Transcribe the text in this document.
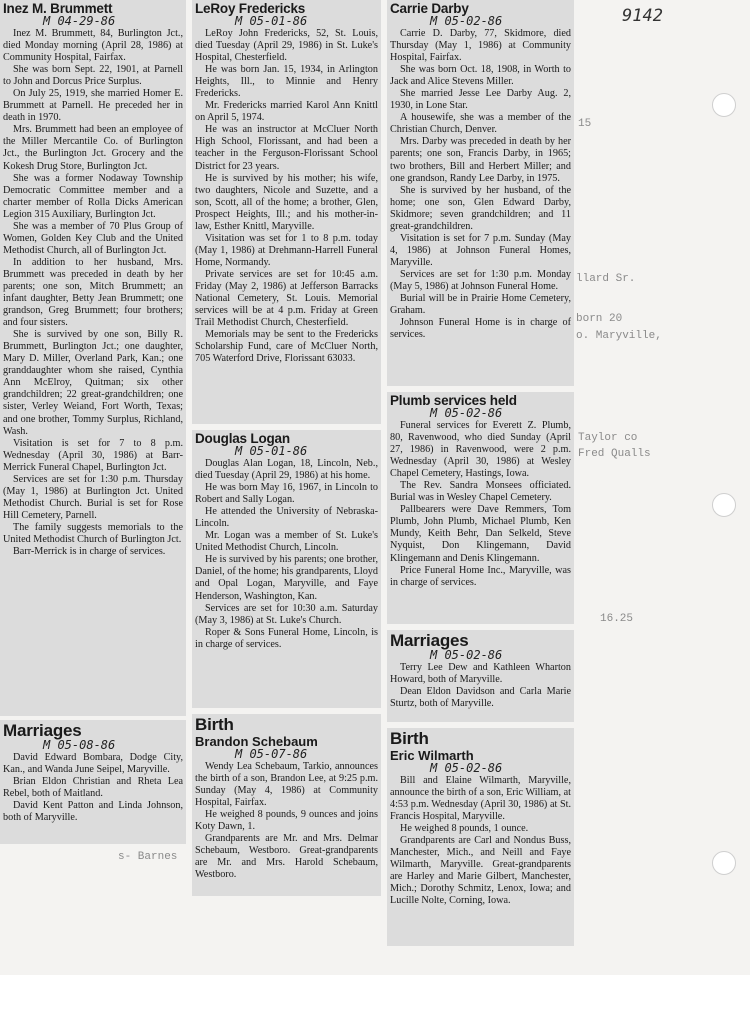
9142
15
llard Sr.
born 20
o. Maryville,
Taylor co
Fred Qualls
16.25
s- Barnes

Inez M. Brummett

M 04-29-86

Inez M. Brummett, 84, Burlington Jct., died Monday morning (April 28, 1986) at Community Hospital, Fairfax.

She was born Sept. 22, 1901, at Parnell to John and Dorcus Price Surplus.

On July 25, 1919, she married Homer E. Brummett at Parnell. He preceded her in death in 1970.

Mrs. Brummett had been an employee of the Miller Mercantile Co. of Burlington Jct., the Burlington Jct. Grocery and the Kokesh Drug Store, Burlington Jct.

She was a former Nodaway Township Democratic Committee member and a charter member of Rolla Dicks American Legion 315 Auxiliary, Burlington Jct.

She was a member of 70 Plus Group of Women, Golden Key Club and the United Methodist Church, all of Burlington Jct.

In addition to her husband, Mrs. Brummett was preceded in death by her parents; one son, Mitch Brummett; an infant daughter, Betty Jean Brummett; one grandson, Greg Brummett; four brothers; and four sisters.

She is survived by one son, Billy R. Brummett, Burlington Jct.; one daughter, Mary D. Miller, Overland Park, Kan.; one granddaughter whom she raised, Cynthia Ann McElroy, Quitman; six other grandchildren; 22 great-grandchildren; one sister, Verley Weiand, Fort Worth, Texas; and one brother, Tommy Surplus, Richland, Wash.

Visitation is set for 7 to 8 p.m. Wednesday (April 30, 1986) at Barr-Merrick Funeral Chapel, Burlington Jct.

Services are set for 1:30 p.m. Thursday (May 1, 1986) at Burlington Jct. United Methodist Church. Burial is set for Rose Hill Cemetery, Parnell.

The family suggests memorials to the United Methodist Church of Burlington Jct.

Barr-Merrick is in charge of services.

Marriages

M 05-08-86

David Edward Bombara, Dodge City, Kan., and Wanda June Seipel, Maryville.

Brian Eldon Christian and Rheta Lea Rebel, both of Maitland.

David Kent Patton and Linda Johnson, both of Maryville.

LeRoy Fredericks

M 05-01-86

LeRoy John Fredericks, 52, St. Louis, died Tuesday (April 29, 1986) in St. Luke's Hospital, Chesterfield.

He was born Jan. 15, 1934, in Arlington Heights, Ill., to Minnie and Henry Fredericks.

Mr. Fredericks married Karol Ann Knittl on April 5, 1974.

He was an instructor at McCluer North High School, Florissant, and had been a teacher in the Ferguson-Florissant School District for 23 years.

He is survived by his mother; his wife, two daughters, Nicole and Suzette, and a son, Scott, all of the home; a brother, Glen, Prospect Heights, Ill.; and his mother-in-law, Esther Knittl, Maryville.

Visitation was set for 1 to 8 p.m. today (May 1, 1986) at Drehmann-Harrell Funeral Home, Normandy.

Private services are set for 10:45 a.m. Friday (May 2, 1986) at Jefferson Barracks National Cemetery, St. Louis. Memorial services will be at 4 p.m. Friday at Green Trail Methodist Church, Chesterfield.

Memorials may be sent to the Fredericks Scholarship Fund, care of McCluer North, 705 Waterford Drive, Florissant 63033.

Douglas Logan

M 05-01-86

Douglas Alan Logan, 18, Lincoln, Neb., died Tuesday (April 29, 1986) at his home.

He was born May 16, 1967, in Lincoln to Robert and Sally Logan.

He attended the University of Nebraska-Lincoln.

Mr. Logan was a member of St. Luke's United Methodist Church, Lincoln.

He is survived by his parents; one brother, Daniel, of the home; his grandparents, Lloyd and Opal Logan, Maryville, and Faye Henderson, Washington, Kan.

Services are set for 10:30 a.m. Saturday (May 3, 1986) at St. Luke's Church.

Roper & Sons Funeral Home, Lincoln, is in charge of services.

Birth

Brandon Schebaum

M 05-07-86

Wendy Lea Schebaum, Tarkio, announces the birth of a son, Brandon Lee, at 9:25 p.m. Sunday (May 4, 1986) at Community Hospital, Fairfax.

He weighed 8 pounds, 9 ounces and joins Koty Dawn, 1.

Grandparents are Mr. and Mrs. Delmar Schebaum, Westboro. Great-grandparents are Mr. and Mrs. Harold Schebaum, Westboro.

Carrie Darby

M 05-02-86

Carrie D. Darby, 77, Skidmore, died Thursday (May 1, 1986) at Community Hospital, Fairfax.

She was born Oct. 18, 1908, in Worth to Jack and Alice Stevens Miller.

She married Jesse Lee Darby Aug. 2, 1930, in Lone Star.

A housewife, she was a member of the Christian Church, Denver.

Mrs. Darby was preceded in death by her parents; one son, Francis Darby, in 1965; two brothers, Bill and Herbert Miller; and one grandson, Randy Lee Darby, in 1975.

She is survived by her husband, of the home; one son, Glen Edward Darby, Skidmore; seven grandchildren; and 11 great-grandchildren.

Visitation is set for 7 p.m. Sunday (May 4, 1986) at Johnson Funeral Homes, Maryville.

Services are set for 1:30 p.m. Monday (May 5, 1986) at Johnson Funeral Home.

Burial will be in Prairie Home Cemetery, Graham.

Johnson Funeral Home is in charge of services.

Plumb services held

M 05-02-86

Funeral services for Everett Z. Plumb, 80, Ravenwood, who died Sunday (April 27, 1986) in Ravenwood, were 2 p.m. Wednesday (April 30, 1986) at Wesley Chapel Cemetery, Hastings, Iowa.

The Rev. Sandra Monsees officiated. Burial was in Wesley Chapel Cemetery.

Pallbearers were Dave Remmers, Tom Plumb, John Plumb, Michael Plumb, Ken Mundy, Keith Behr, Dan Selkeld, Steve Nyquist, Don Klingemann, David Klingemann and Denis Klingemann.

Price Funeral Home Inc., Maryville, was in charge of services.

Marriages

M 05-02-86

Terry Lee Dew and Kathleen Wharton Howard, both of Maryville.

Dean Eldon Davidson and Carla Marie Sturtz, both of Maryville.

Birth

Eric Wilmarth

M 05-02-86

Bill and Elaine Wilmarth, Maryville, announce the birth of a son, Eric William, at 4:53 p.m. Wednesday (April 30, 1986) at St. Francis Hospital, Maryville.

He weighed 8 pounds, 1 ounce.

Grandparents are Carl and Nondus Buss, Manchester, Mich., and Neill and Faye Wilmarth, Maryville. Great-grandparents are Harley and Marie Gilbert, Manchester, Mich.; Dorothy Schmitz, Lenox, Iowa; and Lucille Nolte, Corning, Iowa.
